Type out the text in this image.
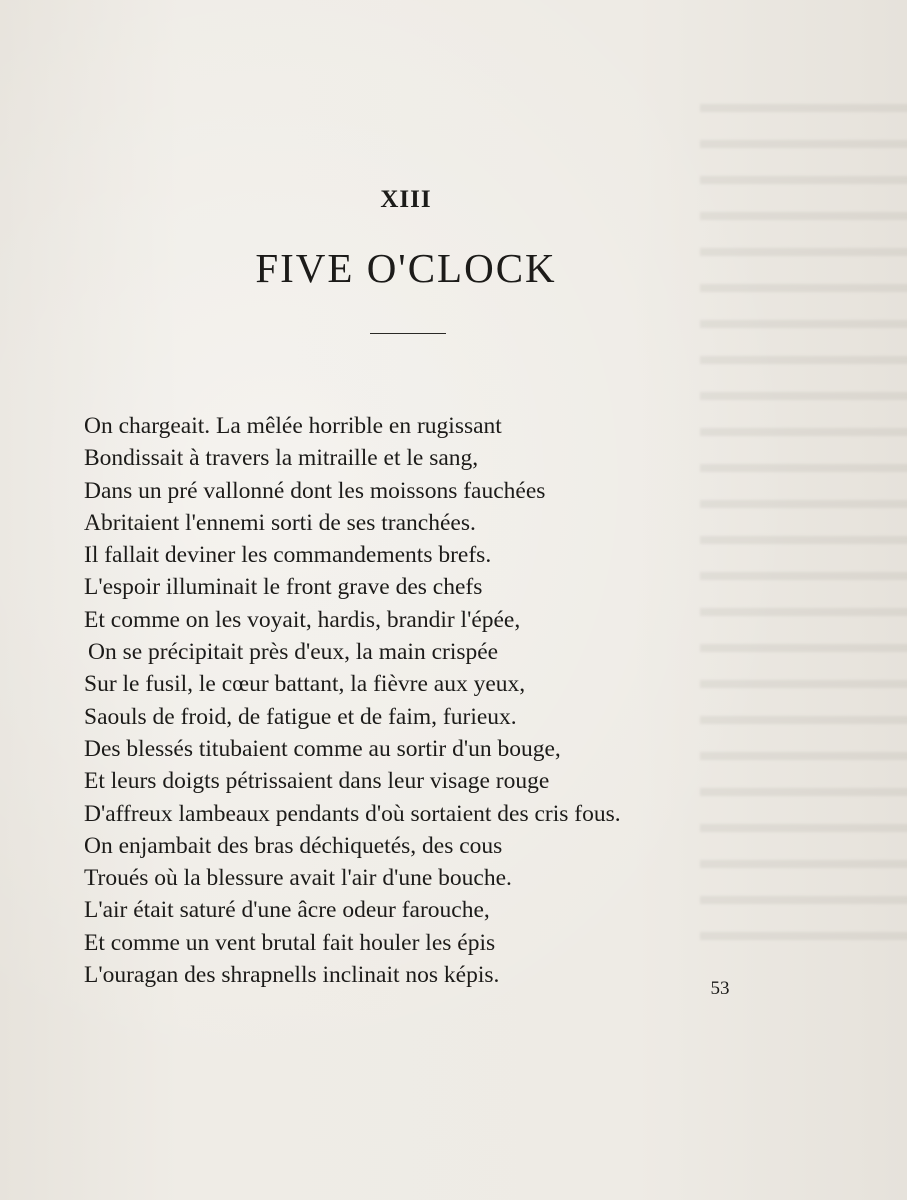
XIII
FIVE O'CLOCK
On chargeait. La mêlée horrible en rugissant
Bondissait à travers la mitraille et le sang,
Dans un pré vallonné dont les moissons fauchées
Abritaient l'ennemi sorti de ses tranchées.
Il fallait deviner les commandements brefs.
L'espoir illuminait le front grave des chefs
Et comme on les voyait, hardis, brandir l'épée,
On se précipitait près d'eux, la main crispée
Sur le fusil, le cœur battant, la fièvre aux yeux,
Saouls de froid, de fatigue et de faim, furieux.
Des blessés titubaient comme au sortir d'un bouge,
Et leurs doigts pétrissaient dans leur visage rouge
D'affreux lambeaux pendants d'où sortaient des cris fous.
On enjambait des bras déchiquetés, des cous
Troués où la blessure avait l'air d'une bouche.
L'air était saturé d'une âcre odeur farouche,
Et comme un vent brutal fait houler les épis
L'ouragan des shrapnells inclinait nos képis.
53
